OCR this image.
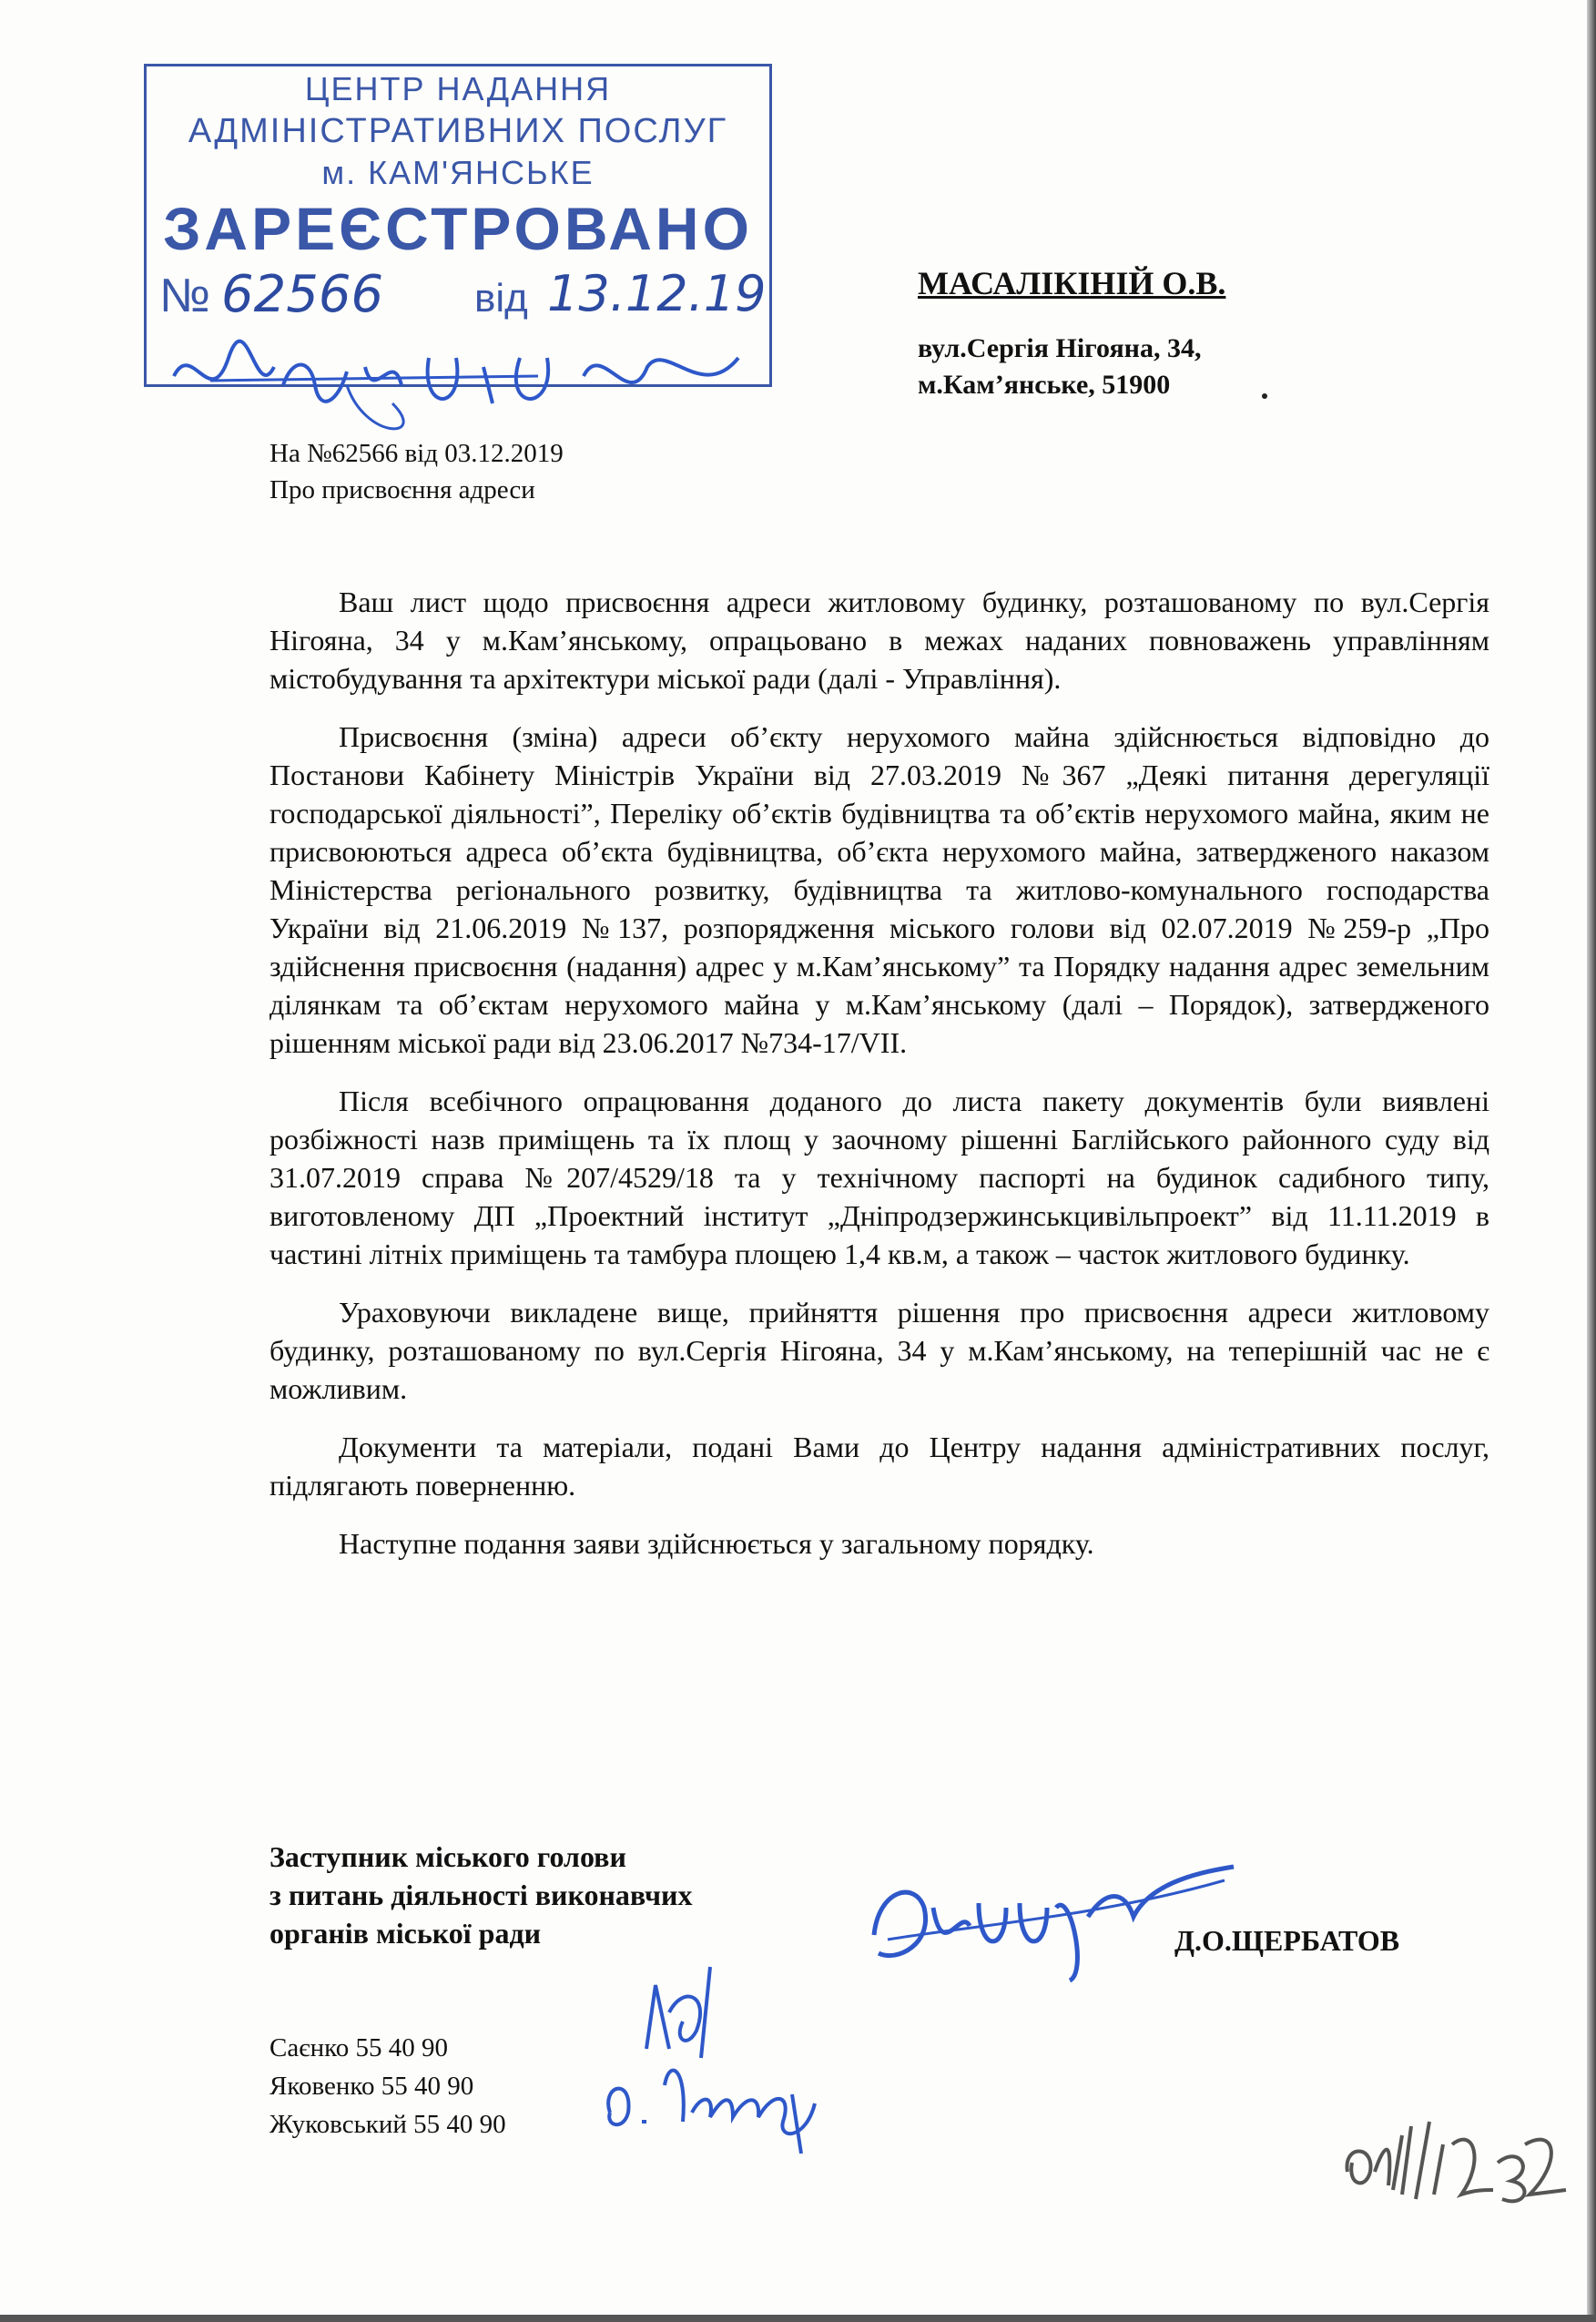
ЦЕНТР НАДАННЯ
АДМІНІСТРАТИВНИХ ПОСЛУГ
м. КАМ'ЯНСЬКЕ
ЗАРЕЄСТРОВАНО
№ 62566 від 13.12.19	МАСАЛІКІНІЙ О.В.
вул.Сергія Нігояна, 34,
м.Кам’янське, 51900
На №62566 від 03.12.2019
Про присвоєння адреси

Ваш лист щодо присвоєння адреси житловому будинку, розташованому по вул.Сергія Нігояна, 34 у м.Кам’янському, опрацьовано в межах наданих повноважень управлінням містобудування та архітектури міської ради (далі - Управління).

Присвоєння (зміна) адреси об’єкту нерухомого майна здійснюється відповідно до Постанови Кабінету Міністрів України від 27.03.2019 №367 „Деякі питання дерегуляції господарської діяльності”, Переліку об’єктів будівництва та об’єктів нерухомого майна, яким не присвоюються адреса об’єкта будівництва, об’єкта нерухомого майна, затвердженого наказом Міністерства регіонального розвитку, будівництва та житлово-комунального господарства України від 21.06.2019 №137, розпорядження міського голови від 02.07.2019 №259-р „Про здійснення присвоєння (надання) адрес у м.Кам’янському” та Порядку надання адрес земельним ділянкам та об’єктам нерухомого майна у м.Кам’янському (далі – Порядок), затвердженого рішенням міської ради від 23.06.2017 №734-17/VII.

Після всебічного опрацювання доданого до листа пакету документів були виявлені розбіжності назв приміщень та їх площ у заочному рішенні Баглійського районного суду від 31.07.2019 справа №207/4529/18 та у технічному паспорті на будинок садибного типу, виготовленому ДП „Проектний інститут „Дніпродзержинськцивільпроект” від 11.11.2019 в частині літніх приміщень та тамбура площею 1,4 кв.м, а також – часток житлового будинку.

Ураховуючи викладене вище, прийняття рішення про присвоєння адреси житловому будинку, розташованому по вул.Сергія Нігояна, 34 у м.Кам’янському, на теперішній час не є можливим.

Документи та матеріали, подані Вами до Центру надання адміністративних послуг, підлягають поверненню.

Наступне подання заяви здійснюється у загальному порядку.

Заступник міського голови
з питань діяльності виконавчих
органів міської ради	Д.О.ЩЕРБАТОВ
Саєнко 55 40 90
Яковенко 55 40 90
Жуковський 55 40 90
